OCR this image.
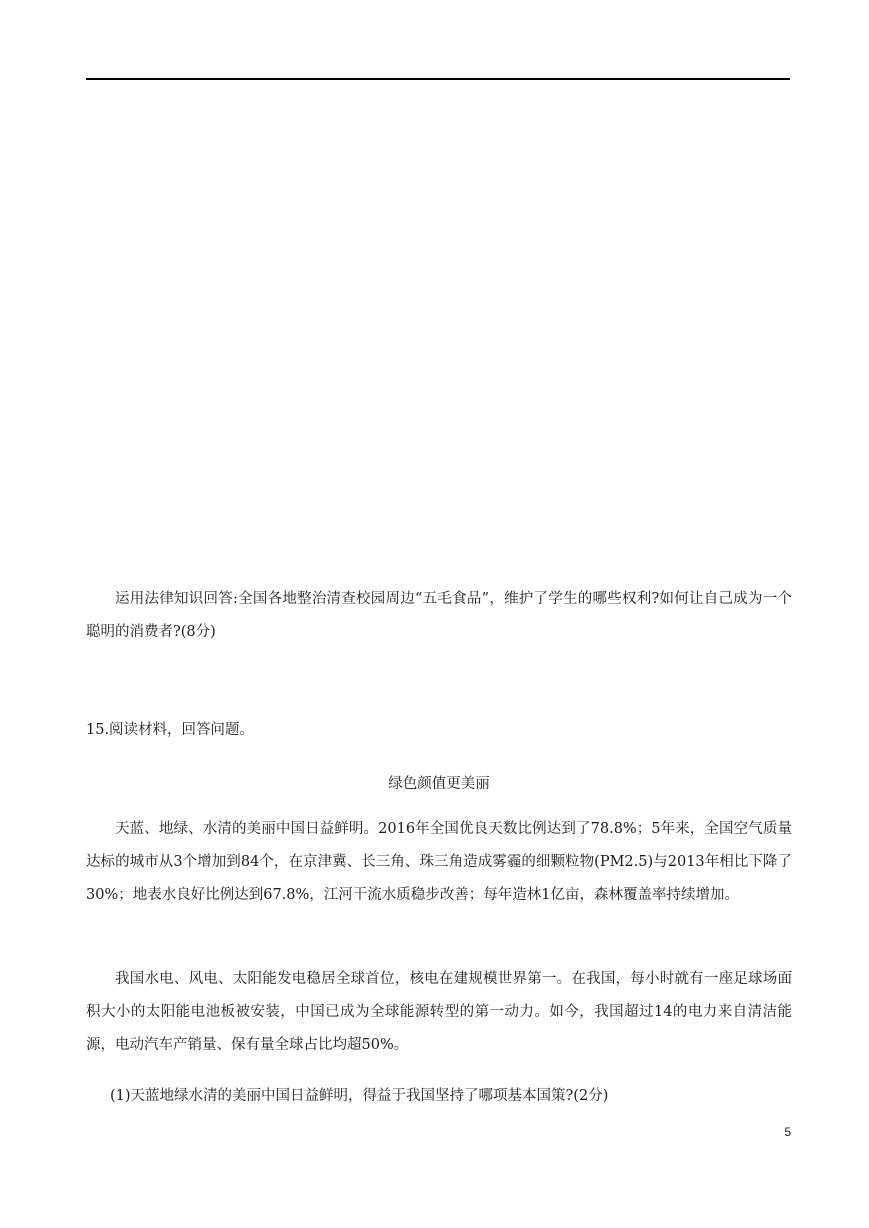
运用法律知识回答:全国各地整治清查校园周边“五毛食品”，维护了学生的哪些权利?如何让自己成为一个聪明的消费者?(8分)

15.阅读材料，回答问题。

绿色颜值更美丽

天蓝、地绿、水清的美丽中国日益鲜明。2016年全国优良天数比例达到了78.8%；5年来，全国空气质量达标的城市从3个增加到84个，在京津冀、长三角、珠三角造成雾霾的细颗粒物(PM2.5)与2013年相比下降了30%；地表水良好比例达到67.8%，江河干流水质稳步改善；每年造林1亿亩，森林覆盖率持续增加。

我国水电、风电、太阳能发电稳居全球首位，核电在建规模世界第一。在我国，每小时就有一座足球场面积大小的太阳能电池板被安装，中国已成为全球能源转型的第一动力。如今，我国超过14的电力来自清洁能源，电动汽车产销量、保有量全球占比均超50%。

(1)天蓝地绿水清的美丽中国日益鲜明，得益于我国坚持了哪项基本国策?(2分)

5
